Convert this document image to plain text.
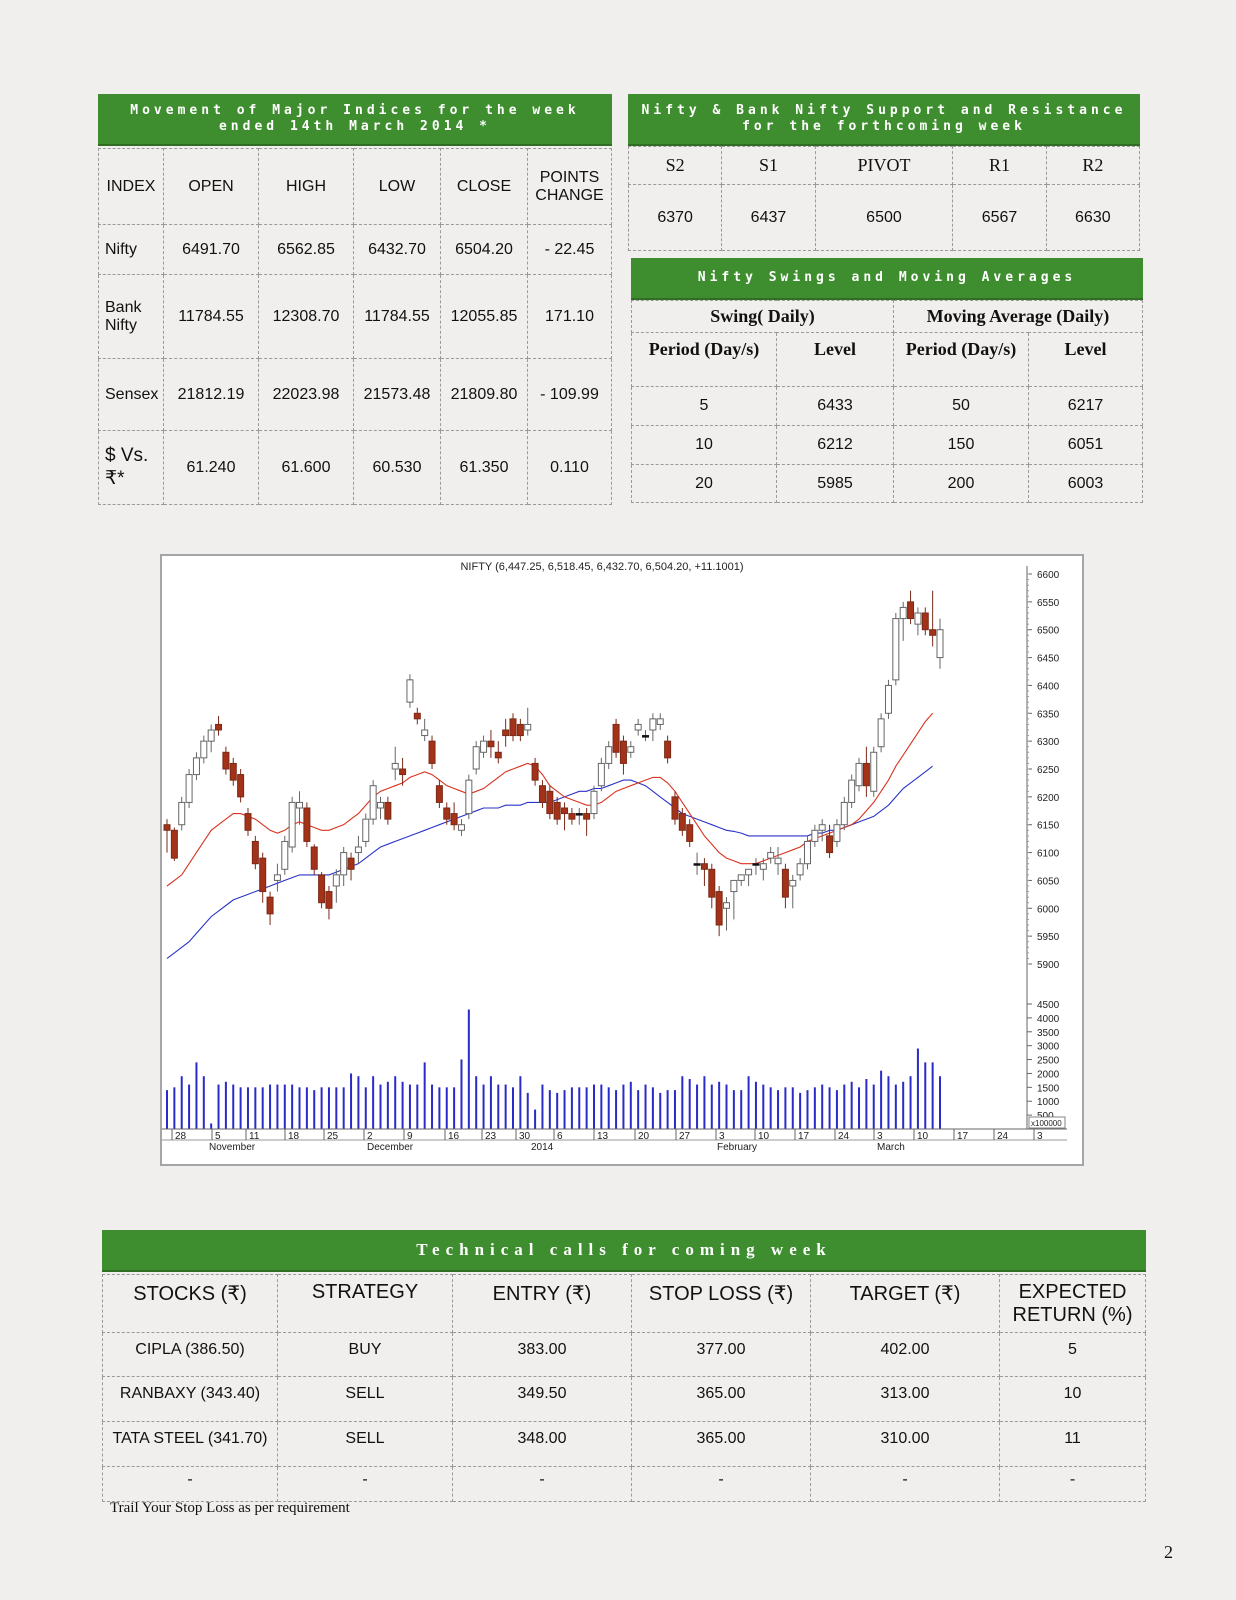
Movement of Major Indices for the week
ended 14th March 2014 *
INDEX	OPEN	HIGH	LOW	CLOSE	POINTS CHANGE
Nifty	6491.70	6562.85	6432.70	6504.20	- 22.45
Bank Nifty	11784.55	12308.70	11784.55	12055.85	171.10
Sensex	21812.19	22023.98	21573.48	21809.80	- 109.99
$ Vs. ₹*	61.240	61.600	60.530	61.350	0.110
Nifty & Bank Nifty Support and Resistance
for the forthcoming week
S2	S1	PIVOT	R1	R2
6370	6437	6500	6567	6630
Nifty Swings and Moving Averages
Swing( Daily)		Moving Average (Daily)	
Period (Day/s)	Level	Period (Day/s)	Level
5	6433	50	6217
10	6212	150	6051
20	5985	200	6003
NIFTY (6,447.25, 6,518.45, 6,432.70, 6,504.20, +11.1001)
6600
6550
6500
6450
6400
6350
6300
6250
6200
6150
6100
6050
6000
5950
5900
4500
4000
3500
3000
2500
2000
1500
1000
x100000
28	5	11	18	25	2	9	16	23 30	6	13	20	27	3	10	17	24	3	10	17	24	3
November	December	2014	February	March
Technical calls for coming week
STOCKS (₹)	STRATEGY	ENTRY (₹)	STOP LOSS (₹)	TARGET (₹)	EXPECTED RETURN (%)
CIPLA (386.50)	BUY	383.00	377.00	402.00	5
RANBAXY (343.40)	SELL	349.50	365.00	313.00	10
TATA STEEL (341.70)	SELL	348.00	365.00	310.00	11
-	-	-	-	-	-
Trail Your Stop Loss as per requirement
2
